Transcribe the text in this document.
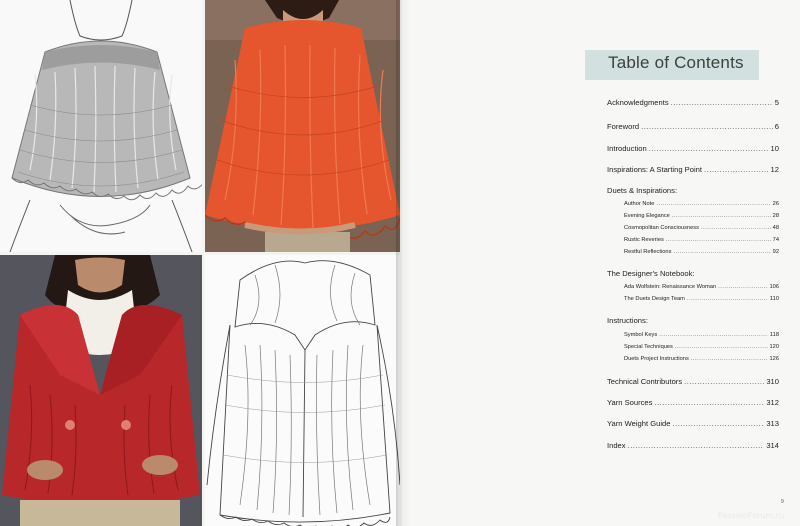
Table of Contents
Acknowledgments .....	5
Foreword .....	6
Introduction .....	10
Inspirations: A Starting Point .....	12
Duets & Inspirations:
Author Note .....	26
Evening Elegance .....	28
Cosmopolitan Consciousness .....	48
Rustic Reveries .....	74
Restful Reflections .....	92
The Designer's Notebook:
Ada Wolfstein: Renaissance Woman .....	106
The Duets Design Team .....	110
Instructions:
Symbol Keys .....	118
Special Techniques .....	120
Duets Project Instructions .....	126
Technical Contributors .....	310
Yarn Sources .....	312
Yarn Weight Guide .....	313
Index .....	314
9
PassionForum.ru
